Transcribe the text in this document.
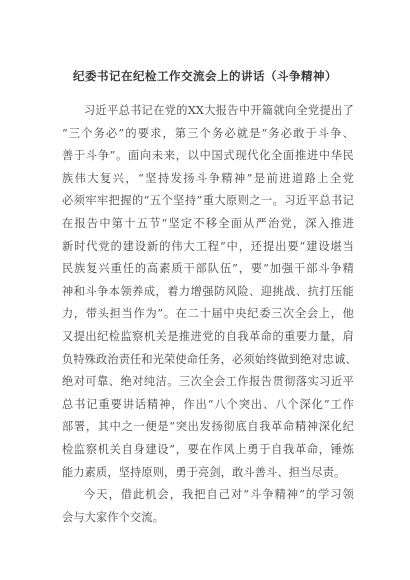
纪委书记在纪检工作交流会上的讲话（斗争精神）
习近平总书记在党的XX大报告中开篇就向全党提出了
“三个务必”的要求，第三个务必就是“务必敢于斗争、
善于斗争”。面向未来，以中国式现代化全面推进中华民
族伟大复兴，“坚持发扬斗争精神”是前进道路上全党
必须牢牢把握的“五个坚持”重大原则之一。习近平总书记
在报告中第十五节“坚定不移全面从严治党，深入推进
新时代党的建设新的伟大工程”中，还提出要“建设堪当
民族复兴重任的高素质干部队伍”，要“加强干部斗争精
神和斗争本领养成，着力增强防风险、迎挑战、抗打压能
力，带头担当作为”。在二十届中央纪委三次全会上，他
又提出纪检监察机关是推进党的自我革命的重要力量，肩
负特殊政治责任和光荣使命任务，必须始终做到绝对忠诚、
绝对可靠、绝对纯洁。三次全会工作报告贯彻落实习近平
总书记重要讲话精神，作出“八个突出、八个深化”工作
部署，其中之一便是“突出发扬彻底自我革命精神深化纪
检监察机关自身建设”，要在作风上勇于自我革命，锤炼
能力素质，坚持原则，勇于亮剑，敢斗善斗、担当尽责。
今天，借此机会，我把自己对“斗争精神”的学习领
会与大家作个交流。
